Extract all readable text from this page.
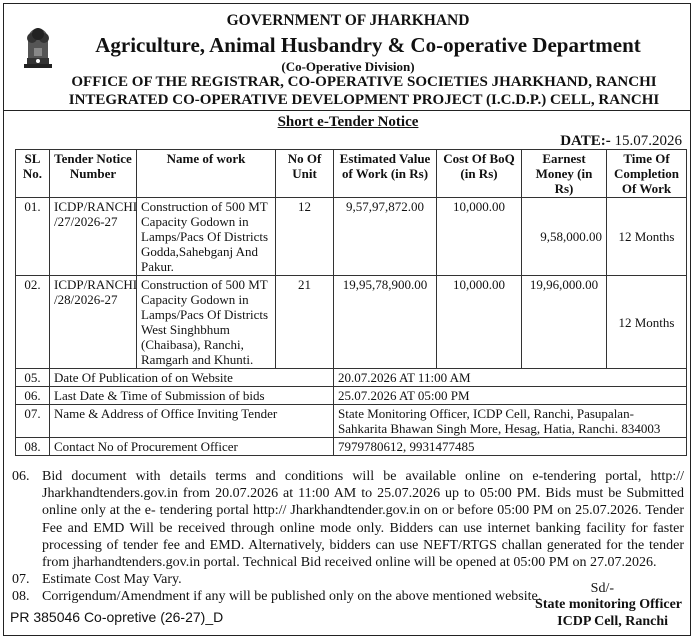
GOVERNMENT OF JHARKHAND
Agriculture, Animal Husbandry & Co-operative Department
(Co-Operative Division)
OFFICE OF THE REGISTRAR, CO-OPERATIVE SOCIETIES JHARKHAND, RANCHI
INTEGRATED CO-OPERATIVE DEVELOPMENT PROJECT (I.C.D.P.) CELL, RANCHI
Short e-Tender Notice
DATE:- 15.07.2026
SL No.	Tender Notice Number	Name of work	No Of Unit	Estimated Value of Work (in Rs)	Cost Of BoQ (in Rs)	Earnest Money (in Rs)	Time Of Completion Of Work
01.	ICDP/RANCHI /27/2026-27	Construction of 500 MT Capacity Godown in Lamps/Pacs Of Districts Godda,Sahebganj And Pakur.	12	9,57,97,872.00	10,000.00	9,58,000.00	12 Months
02.	ICDP/RANCHI /28/2026-27	Construction of 500 MT Capacity Godown in Lamps/Pacs Of Districts West Singhbhum (Chaibasa), Ranchi, Ramgarh and Khunti.	21	19,95,78,900.00	10,000.00	19,96,000.00	12 Months
05.	Date Of Publication of on Website			20.07.2026 AT 11:00 AM			
06.	Last Date & Time of Submission of bids			25.07.2026 AT 05:00 PM			
07.	Name & Address of Office Inviting Tender			State Monitoring Officer, ICDP Cell, Ranchi, Pasupalan-Sahkarita Bhawan Singh More, Hesag, Hatia, Ranchi. 834003			
08.	Contact No of Procurement Officer			7979780612, 9931477485			
06. Bid document with details terms and conditions will be available online on e-tendering portal, http:// Jharkhandtenders.gov.in from 20.07.2026 at 11:00 AM to 25.07.2026 up to 05:00 PM. Bids must be Submitted online only at the e- tendering portal http:// Jharkhandtender.gov.in on or before 05:00 PM on 25.07.2026. Tender Fee and EMD Will be received through online mode only. Bidders can use internet banking facility for faster processing of tender fee and EMD. Alternatively, bidders can use NEFT/RTGS challan generated for the tender from jharhandtenders.gov.in portal. Technical Bid received online will be opened at 05:00 PM on 27.07.2026.
07. Estimate Cost May Vary.
08. Corrigendum/Amendment if any will be published only on the above mentioned website.
Sd/-
PR 385046 Co-opretive (26-27)_D
State monitoring Officer
ICDP Cell, Ranchi
